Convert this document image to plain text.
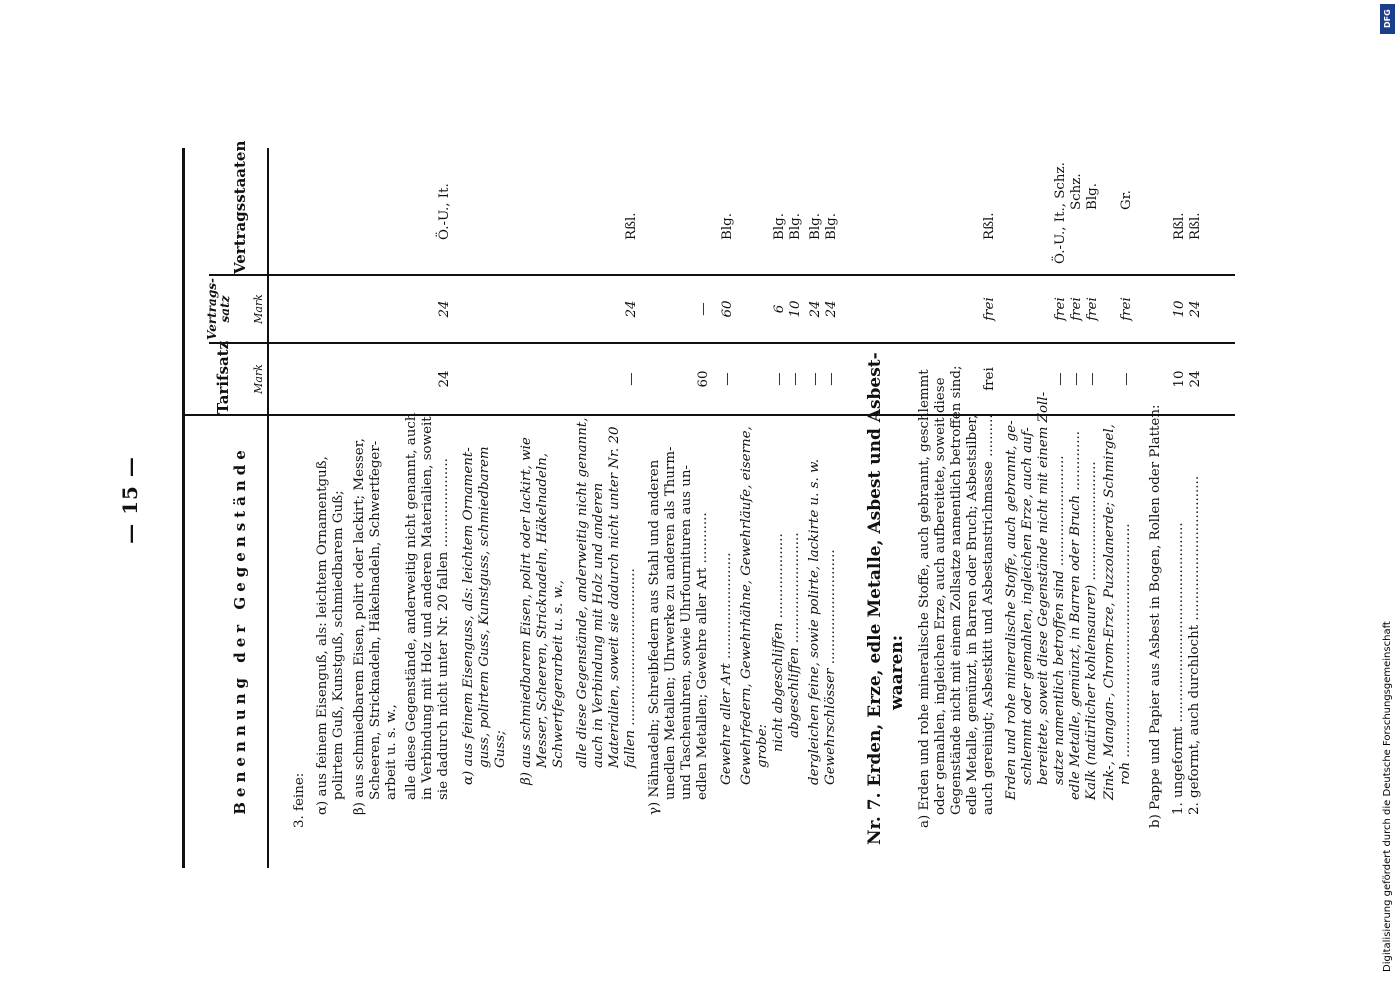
— 15 —	Benennung der Gegenstände
Tarifsatz Mark
Vertrags-satz Mark
Vertragsstaaten
3. feine: α) aus feinem Eisenguß, als: leichtem Ornamentguß, polirtem Guß, Kunstguß, schmiedbarem Guß; β) aus schmiedbarem Eisen, polirt oder lackirt; Messer, Scheeren, Stricknadeln, Häkelnadeln, Schwertfeger- arbeit u. s. w., alle diese Gegenstände, anderweitig nicht genannt, auch in Verbindung mit Holz und anderen Materialien, soweit sie dadurch nicht unter Nr. 20 fallen ..................... α) aus feinem Eisenguss, als: leichtem Ornament- guss, polirtem Guss, Kunstguss, schmiedbarem Guss; β) aus schmiedbarem Eisen, polirt oder lackirt, wie Messer, Scheeren, Stricknadeln, Häkelnadeln, Schwertfegerarbeit u. s. w., alle diese Gegenstände, anderweitig nicht genannt, auch in Verbindung mit Holz und anderen Materialien, soweit sie dadurch nicht unter Nr. 20 fallen ..................................... γ) Nähnadeln; Schreibfedern aus Stahl und anderen unedlen Metallen; Uhrwerke zu anderen als Thurm- und Taschenuhren, sowie Uhrfournituren aus un- edlen Metallen; Gewehre aller Art ............ Gewehre aller Art ......................... Gewehrfedern, Gewehrhähne, Gewehrläufe, eiserne, grobe: nicht abgeschliffen .................... abgeschliffen .......................... dergleichen feine, sowie polirte, lackirte u. s. w. Gewehrschlösser ........................... Nr. 7. Erden, Erze, edle Metalle, Asbest und Asbest- waaren: a) Erden und rohe mineralische Stoffe, auch gebrannt, geschlemmt oder gemahlen, ingleichen Erze, auch aufbereitete, soweit diese Gegenstände nicht mit einem Zollsatze namentlich betroffen sind; edle Metalle, gemünzt, in Barren oder Bruch; Asbestsilber, auch gereinigt; Asbestkitt und Asbestanstrichmasse .......... Erden und rohe mineralische Stoffe, auch gebrannt, ge- schlemmt oder gemahlen, ingleichen Erze, auch auf- bereitete, soweit diese Gegenstände nicht mit einem Zoll- satze namentlich betroffen sind .......................... edle Metalle, gemünzt, in Barren oder Bruch .............. Kalk (natürlicher kohlensaurer) ............................ Zink-, Mangan-, Chrom-Erze, Puzzolanerde; Schmirgel, roh ....................................................... b) Pappe und Papier aus Asbest in Bogen, Rollen oder Platten: 1. ungeformt ............................................... 2. geformt, auch durchlocht ..................................
24
24
Ö.-U., It.
—
24
Rßl.
60
—
—
60
Blg.
—
6
Blg.
—
10
Blg.
—
24
Blg.
—
24
Blg.
frei
frei
Rßl.
—
frei
Ö.-U., It., Schz.
—
frei
Schz.
—
frei
Blg.
—
frei
Gr.
10
10
Rßl.
24
24
Rßl.
DFG
Digitalisierung gefördert durch die Deutsche Forschungsgemeinschaft
